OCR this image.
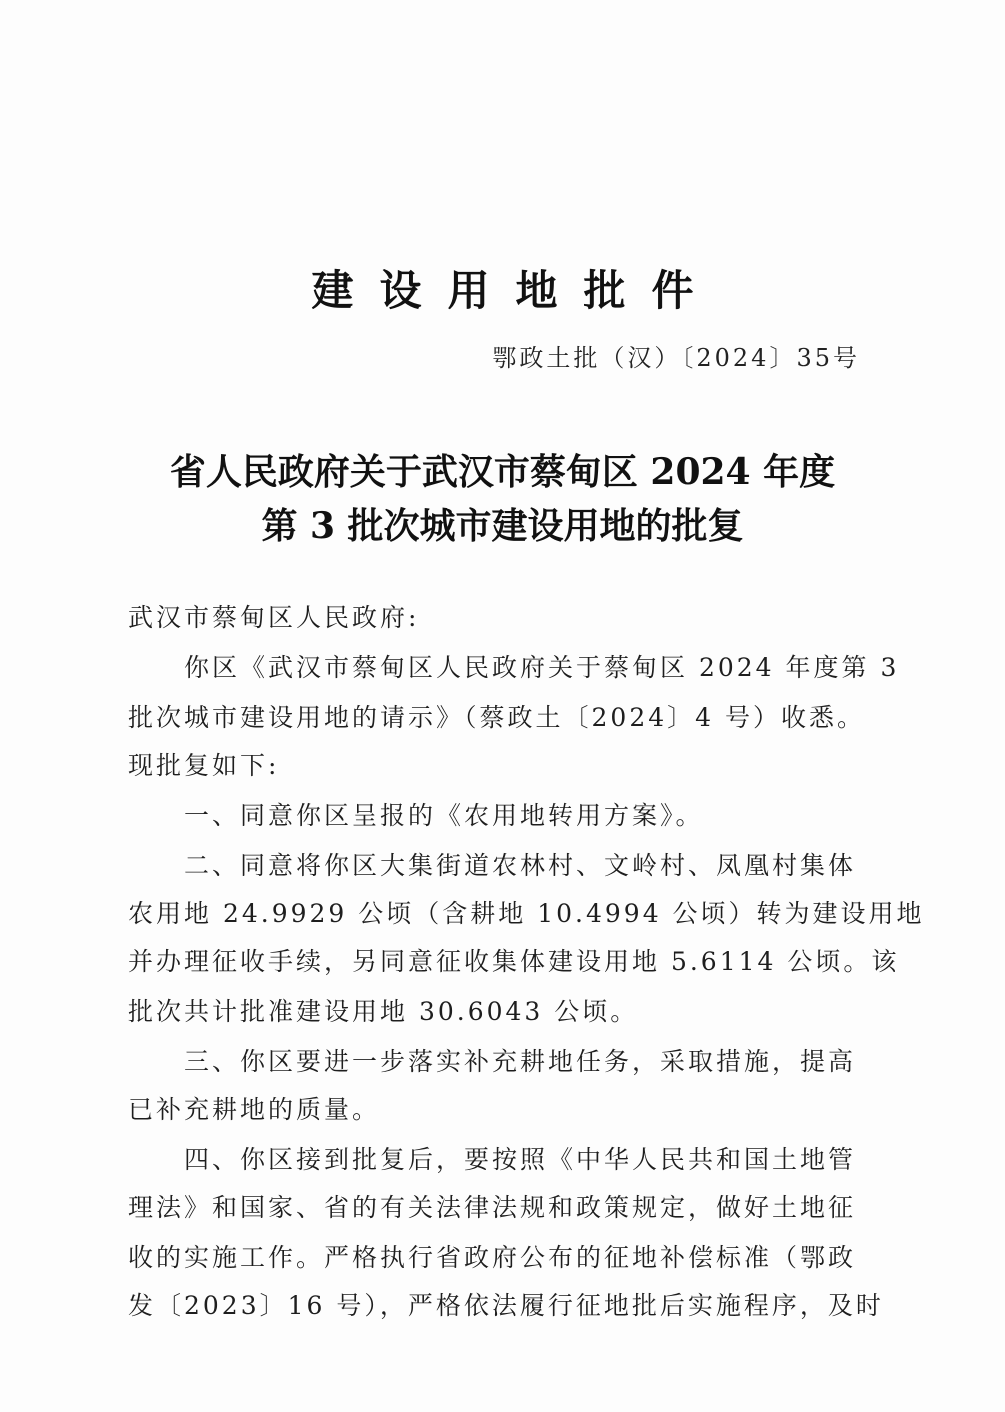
建设用地批件
鄂政土批（汉）〔2024〕35号
省人民政府关于武汉市蔡甸区 2024 年度
第 3 批次城市建设用地的批复
武汉市蔡甸区人民政府:
　　你区《武汉市蔡甸区人民政府关于蔡甸区 2024 年度第 3
批次城市建设用地的请示》（蔡政土〔2024〕4 号）收悉。
现批复如下:
　　一、同意你区呈报的《农用地转用方案》。
　　二、同意将你区大集街道农林村、文岭村、凤凰村集体
农用地 24.9929 公顷（含耕地 10.4994 公顷）转为建设用地
并办理征收手续，另同意征收集体建设用地 5.6114 公顷。该
批次共计批准建设用地 30.6043 公顷。
　　三、你区要进一步落实补充耕地任务，采取措施，提高
已补充耕地的质量。
　　四、你区接到批复后，要按照《中华人民共和国土地管
理法》和国家、省的有关法律法规和政策规定，做好土地征
收的实施工作。严格执行省政府公布的征地补偿标准（鄂政
发〔2023〕16 号），严格依法履行征地批后实施程序，及时
